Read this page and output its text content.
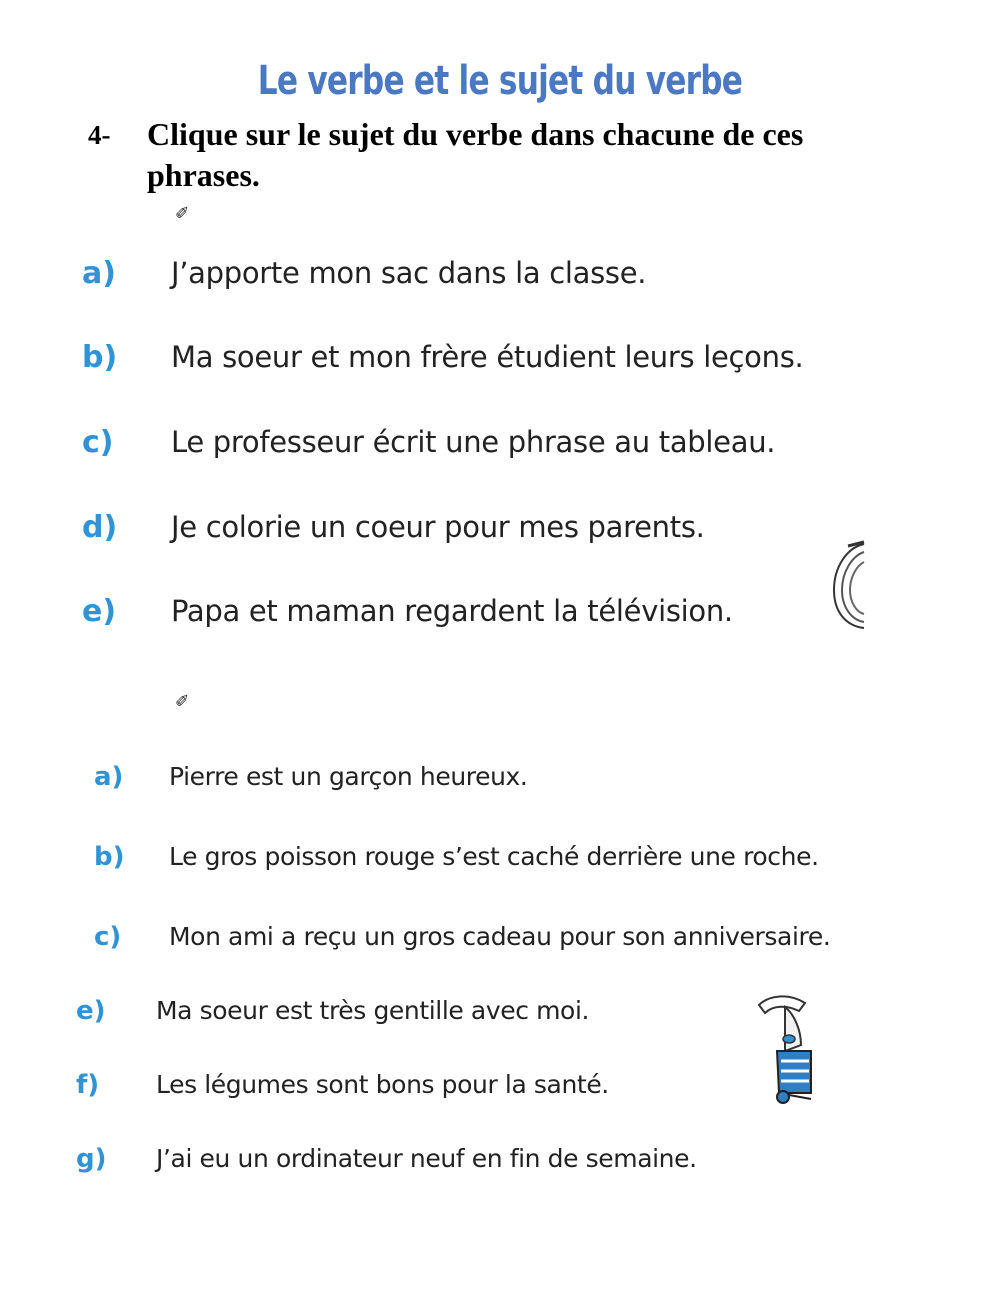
Le verbe et le sujet du verbe
4- Clique sur le sujet du verbe dans chacune de ces phrases.
✐
a) J’apporte mon sac dans la classe.
b) Ma soeur et mon frère étudient leurs leçons.
c) Le professeur écrit une phrase au tableau.
d) Je colorie un coeur pour mes parents.
e) Papa et maman regardent la télévision.
✐
a) Pierre est un garçon heureux.
b) Le gros poisson rouge s’est caché derrière une roche.
c) Mon ami a reçu un gros cadeau pour son anniversaire.
e) Ma soeur est très gentille avec moi.
f) Les légumes sont bons pour la santé.
g) J’ai eu un ordinateur neuf en fin de semaine.
